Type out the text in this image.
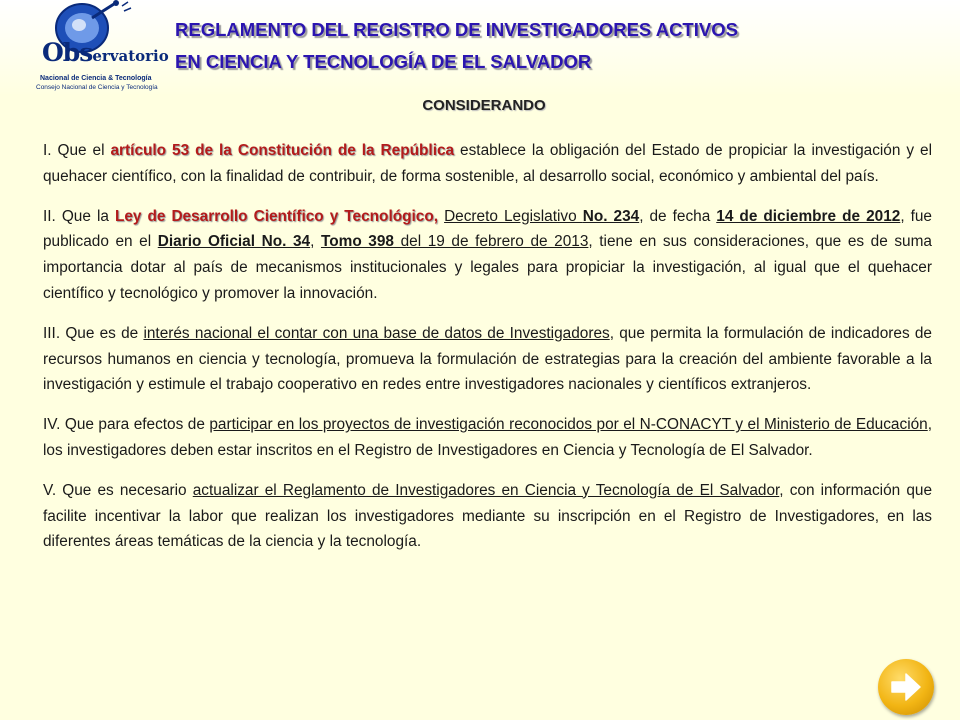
Observatorio
Nacional de Ciencia & Tecnología
Consejo Nacional de Ciencia y Tecnología
REGLAMENTO DEL REGISTRO DE INVESTIGADORES ACTIVOS
EN CIENCIA Y TECNOLOGÍA DE EL SALVADOR
CONSIDERANDO

I. Que el artículo 53 de la Constitución de la República establece la obligación del Estado de propiciar la investigación y el quehacer científico, con la finalidad de contribuir, de forma sostenible, al desarrollo social, económico y ambiental del país.

II. Que la Ley de Desarrollo Científico y Tecnológico, Decreto Legislativo No. 234, de fecha 14 de diciembre de 2012, fue publicado en el Diario Oficial No. 34, Tomo 398 del 19 de febrero de 2013, tiene en sus consideraciones, que es de suma importancia dotar al país de mecanismos institucionales y legales para propiciar la investigación, al igual que el quehacer científico y tecnológico y promover la innovación.

III. Que es de interés nacional el contar con una base de datos de Investigadores, que permita la formulación de indicadores de recursos humanos en ciencia y tecnología, promueva la formulación de estrategias para la creación del ambiente favorable a la investigación y estimule el trabajo cooperativo en redes entre investigadores nacionales y científicos extranjeros.

IV. Que para efectos de participar en los proyectos de investigación reconocidos por el N-CONACYT y el Ministerio de Educación, los investigadores deben estar inscritos en el Registro de Investigadores en Ciencia y Tecnología de El Salvador.

V. Que es necesario actualizar el Reglamento de Investigadores en Ciencia y Tecnología de El Salvador, con información que facilite incentivar la labor que realizan los investigadores mediante su inscripción en el Registro de Investigadores, en las diferentes áreas temáticas de la ciencia y la tecnología.
